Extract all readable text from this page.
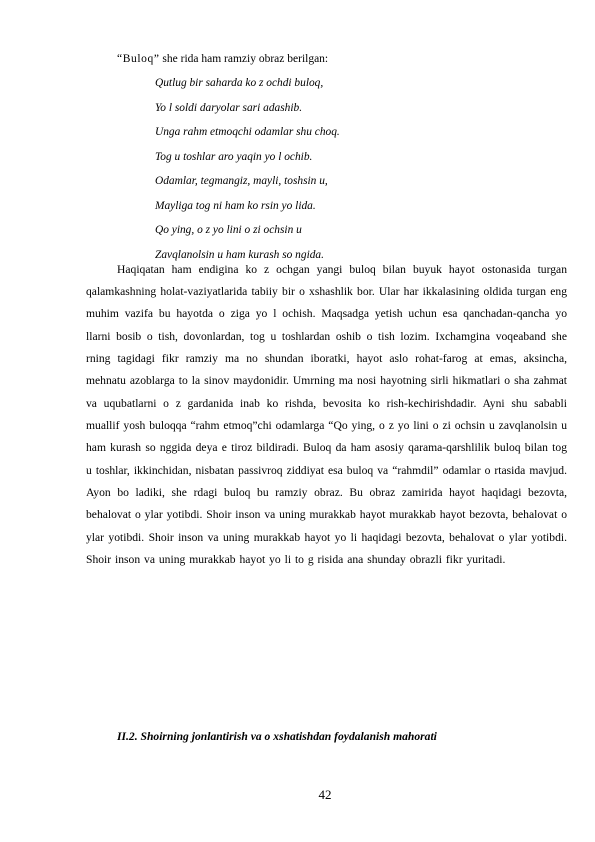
“Buloq” she rida ham ramziy obraz berilgan:
Qutlug bir saharda ko z ochdi buloq,
Yo l soldi daryolar sari adashib.
Unga rahm etmoqchi odamlar shu choq.
Tog u toshlar aro yaqin yo l ochib.
Odamlar, tegmangiz, mayli, toshsin u,
Mayliga tog ni ham ko rsin yo lida.
Qo ying, o z yo lini o zi ochsin u
Zavqlanolsin u ham kurash so ngida.

Haqiqatan ham endigina ko z ochgan yangi buloq bilan buyuk hayot ostonasida turgan qalamkashning holat-vaziyatlarida tabiiy bir o xshashlik bor. Ular har ikkalasining oldida turgan eng muhim vazifa bu hayotda o ziga yo l ochish. Maqsadga yetish uchun esa qanchadan-qancha yo llarni bosib o tish, dovonlardan, tog u toshlardan oshib o tish lozim. Ixchamgina voqeaband she rning tagidagi fikr ramziy ma no shundan iboratki, hayot aslo rohat-farog at emas, aksincha, mehnatu azoblarga to la sinov maydonidir. Umrning ma nosi hayotning sirli hikmatlari o sha zahmat va uqubatlarni o z gardanida inab ko rishda, bevosita ko rish-kechirishdadir. Ayni shu sababli muallif yosh buloqqa “rahm etmoq”chi odamlarga “Qo ying, o z yo lini o zi ochsin u zavqlanolsin u ham kurash so nggida deya e tiroz bildiradi. Buloq da ham asosiy qarama-qarshlilik buloq bilan tog u toshlar, ikkinchidan, nisbatan passivroq ziddiyat esa buloq va “rahmdil” odamlar o rtasida mavjud. Ayon bo ladiki, she rdagi buloq bu ramziy obraz. Bu obraz zamirida hayot haqidagi bezovta, behalovat o ylar yotibdi. Shoir inson va uning murakkab hayot murakkab hayot bezovta, behalovat o ylar yotibdi. Shoir inson va uning murakkab hayot yo li haqidagi bezovta, behalovat o ylar yotibdi. Shoir inson va uning murakkab hayot yo li to g risida ana shunday obrazli fikr yuritadi.

II.2. Shoirning jonlantirish va o xshatishdan foydalanish mahorati
42
